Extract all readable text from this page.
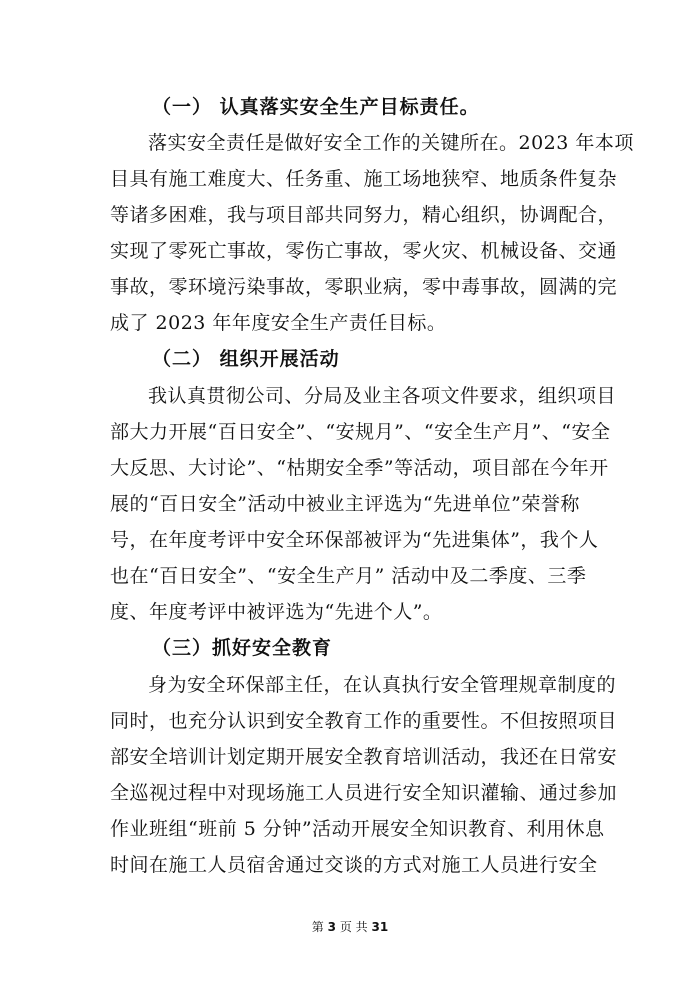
（一） 认真落实安全生产目标责任。
落实安全责任是做好安全工作的关键所在。2023 年本项
目具有施工难度大、任务重、施工场地狭窄、地质条件复杂
等诸多困难，我与项目部共同努力，精心组织，协调配合，
实现了零死亡事故，零伤亡事故，零火灾、机械设备、交通
事故，零环境污染事故，零职业病，零中毒事故，圆满的完
成了 2023 年年度安全生产责任目标。
（二） 组织开展活动
我认真贯彻公司、分局及业主各项文件要求，组织项目
部大力开展“百日安全”、“安规月”、“安全生产月”、“安全
大反思、大讨论”、“枯期安全季”等活动，项目部在今年开
展的“百日安全”活动中被业主评选为“先进单位”荣誉称
号，在年度考评中安全环保部被评为“先进集体”，我个人
也在“百日安全”、“安全生产月” 活动中及二季度、三季
度、年度考评中被评选为“先进个人”。
（三）抓好安全教育
身为安全环保部主任，在认真执行安全管理规章制度的
同时，也充分认识到安全教育工作的重要性。不但按照项目
部安全培训计划定期开展安全教育培训活动，我还在日常安
全巡视过程中对现场施工人员进行安全知识灌输、通过参加
作业班组“班前 5 分钟”活动开展安全知识教育、利用休息
时间在施工人员宿舍通过交谈的方式对施工人员进行安全
第 3 页 共 31
